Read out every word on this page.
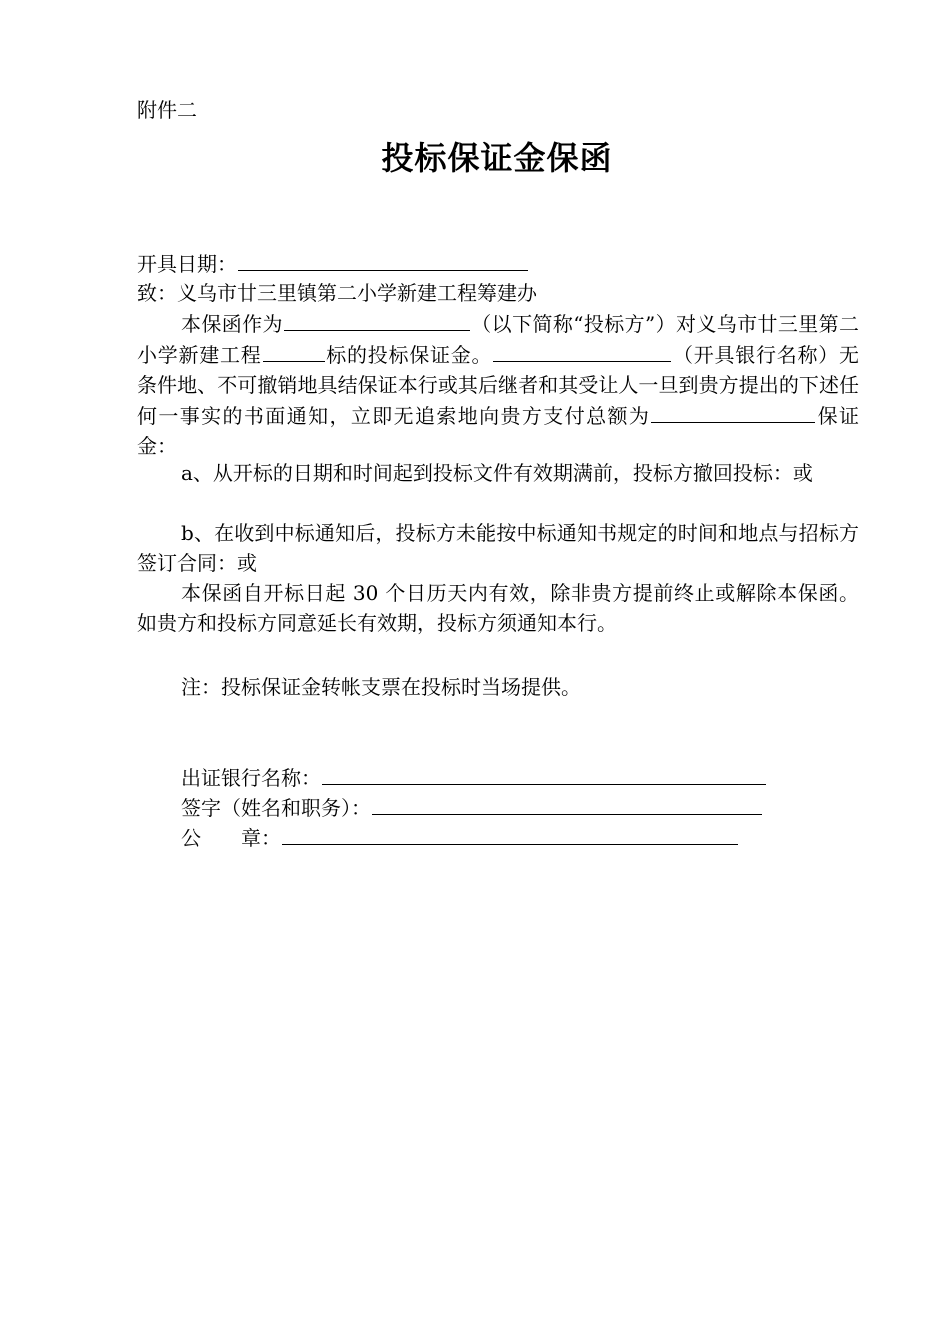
附件二
投标保证金保函
开具日期：
致：义乌市廿三里镇第二小学新建工程筹建办
本保函作为	（以下简称“投标方”）对义乌市廿三里第二小学新建工程	标的投标保证金。	（开具银行名称）无条件地、不可撤销地具结保证本行或其后继者和其受让人一旦到贵方提出的下述任何一事实的书面通知，立即无追索地向贵方支付总额为	保证金：
a、从开标的日期和时间起到投标文件有效期满前，投标方撤回投标：或
b、在收到中标通知后，投标方未能按中标通知书规定的时间和地点与招标方签订合同：或
本保函自开标日起 30 个日历天内有效，除非贵方提前终止或解除本保函。如贵方和投标方同意延长有效期，投标方须通知本行。
注：投标保证金转帐支票在投标时当场提供。
出证银行名称：
签字（姓名和职务）：
公　　章：
